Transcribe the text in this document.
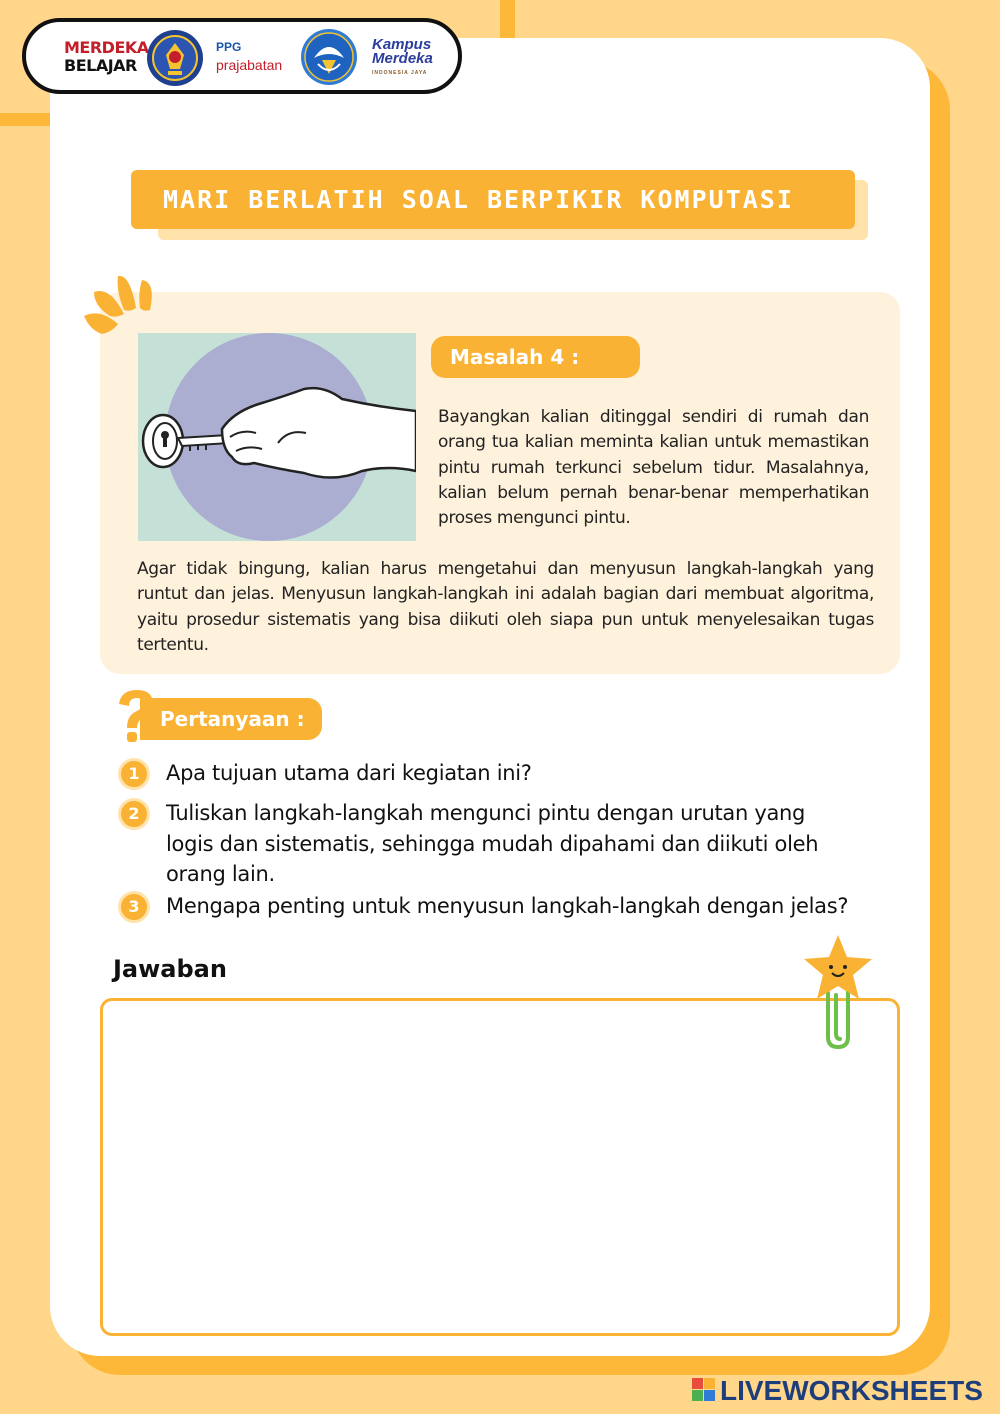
MERDEKA
BELAJAR
PPG
prajabatan
Kampus
Merdeka
INDONESIA JAYA
MARI BERLATIH SOAL BERPIKIR KOMPUTASI
Masalah 4 :

Bayangkan kalian ditinggal sendiri di rumah dan orang tua kalian meminta kalian untuk memastikan pintu rumah terkunci sebelum tidur. Masalahnya, kalian belum pernah benar-benar memperhatikan proses mengunci pintu.

Agar tidak bingung, kalian harus mengetahui dan menyusun langkah-langkah yang runtut dan jelas. Menyusun langkah-langkah ini adalah bagian dari membuat algoritma, yaitu prosedur sistematis yang bisa diikuti oleh siapa pun untuk menyelesaikan tugas tertentu.

Pertanyaan :
1	Apa tujuan utama dari kegiatan ini?
2	Tuliskan langkah-langkah mengunci pintu dengan urutan yang logis dan sistematis, sehingga mudah dipahami dan diikuti oleh orang lain.
3	Mengapa penting untuk menyusun langkah-langkah dengan jelas?
Jawaban
LIVEWORKSHEETS
